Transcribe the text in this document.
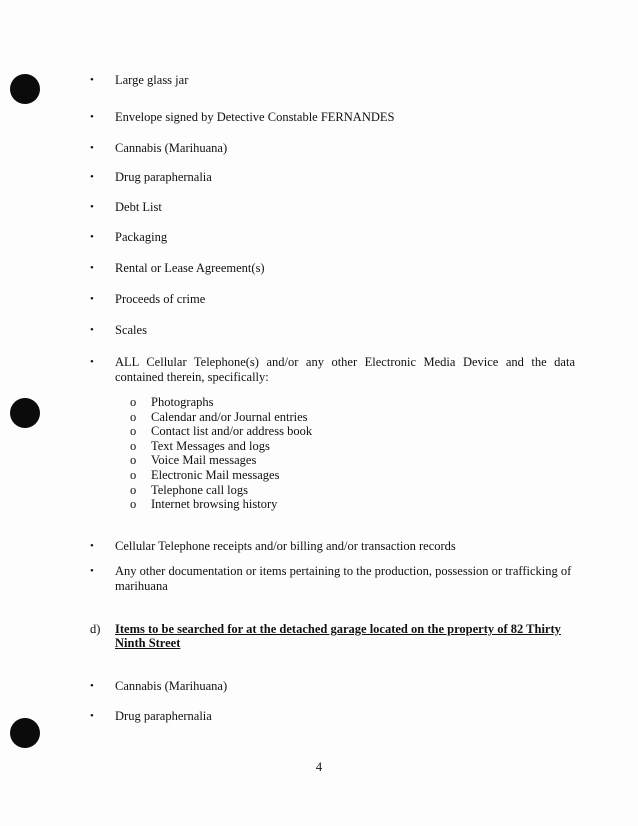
•	Large glass jar
•	Envelope signed by Detective Constable FERNANDES
•	Cannabis (Marihuana)
•	Drug paraphernalia
•	Debt List
•	Packaging
•	Rental or Lease Agreement(s)
•	Proceeds of crime
•	Scales
•	ALL Cellular Telephone(s) and/or any other Electronic Media Device and the data contained therein, specifically:
o Photographs
o Calendar and/or Journal entries
o Contact list and/or address book
o Text Messages and logs
o Voice Mail messages
o Electronic Mail messages
o Telephone call logs
o Internet browsing history
•	Cellular Telephone receipts and/or billing and/or transaction records
•	Any other documentation or items pertaining to the production, possession or trafficking of marihuana
d) Items to be searched for at the detached garage located on the property of 82 Thirty Ninth Street
•	Cannabis (Marihuana)
•	Drug paraphernalia
4
